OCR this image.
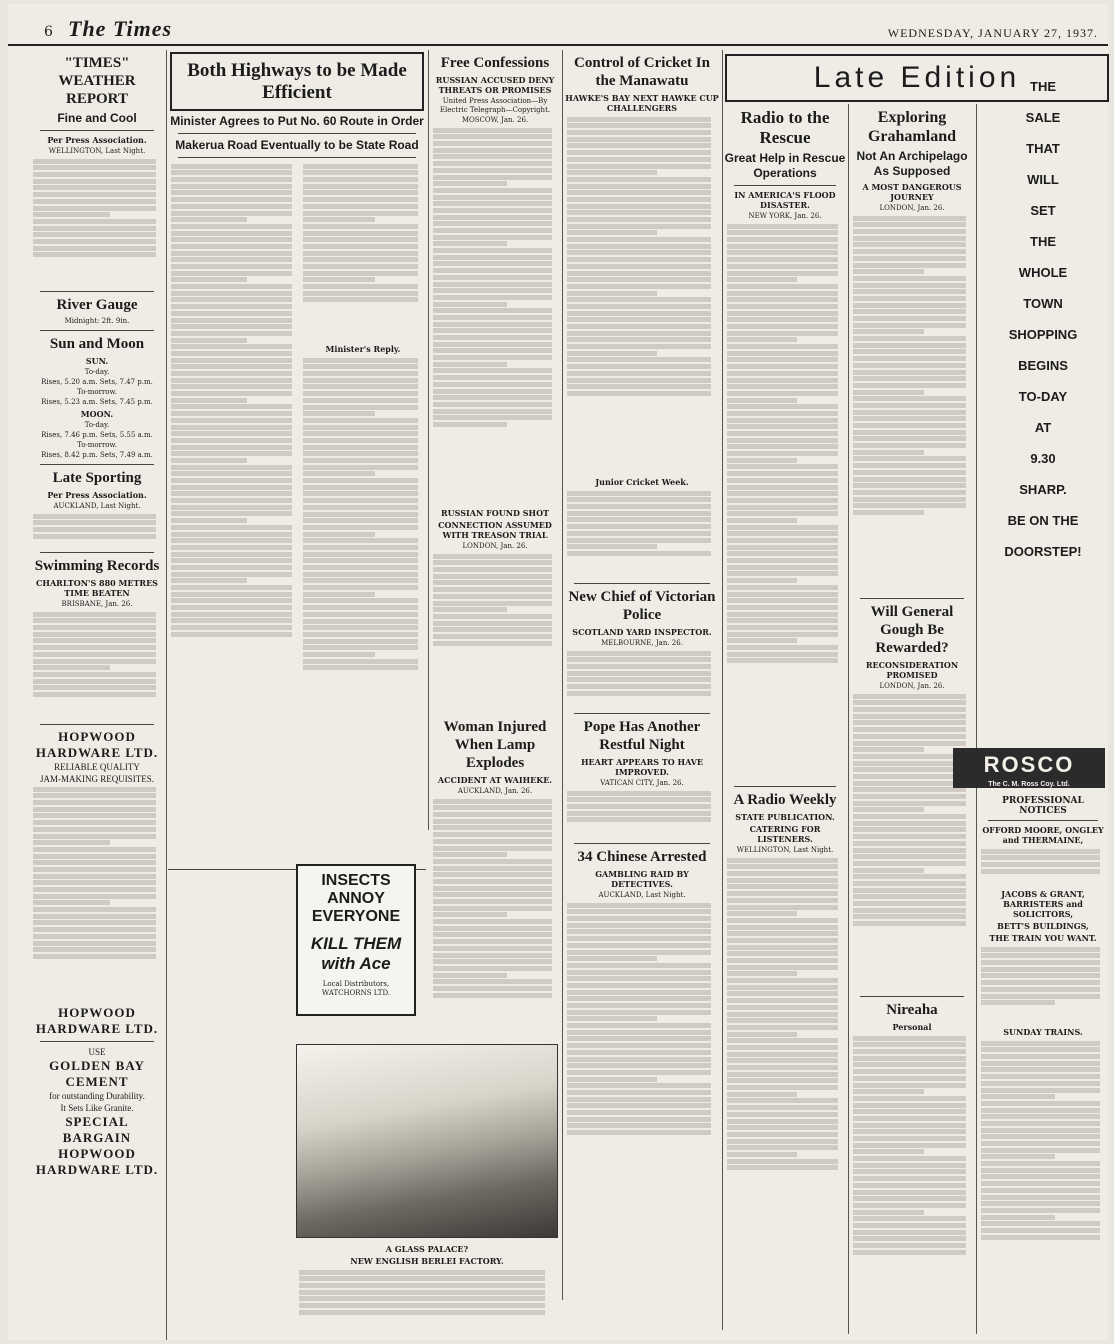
6 The Times	WEDNESDAY, JANUARY 27, 1937.
"TIMES" WEATHER REPORT
Fine and Cool
Per Press Association.
WELLINGTON, Last Night.
River Gauge
Midnight: 2ft. 9in.
Sun and Moon
SUN.
To-day.
Rises, 5.20 a.m. Sets, 7.47 p.m.
To-morrow.
Rises, 5.23 a.m. Sets, 7.45 p.m.
MOON.
To-day.
Rises, 7.46 p.m. Sets, 5.55 a.m.
To-morrow.
Rises, 8.42 p.m. Sets, 7.49 a.m.
Late Sporting
Per Press Association.
AUCKLAND, Last Night.
Swimming Records
CHARLTON'S 880 METRES TIME BEATEN
BRISBANE, Jan. 26.
HOPWOOD HARDWARE LTD.
RELIABLE QUALITY
JAM-MAKING REQUISITES.
HOPWOOD HARDWARE LTD.
USE
GOLDEN BAY CEMENT
for outstanding Durability.
It Sets Like Granite.
SPECIAL BARGAIN
HOPWOOD HARDWARE LTD.
Both Highways to be Made Efficient
Minister Agrees to Put No. 60 Route in Order
Makerua Road Eventually to be State Road
Minister's Reply.
Free Confessions
RUSSIAN ACCUSED DENY THREATS OR PROMISES
United Press Association—By Electric Telegraph—Copyright.
MOSCOW, Jan. 26.
RUSSIAN FOUND SHOT
CONNECTION ASSUMED WITH TREASON TRIAL
LONDON, Jan. 26.
Woman Injured When Lamp Explodes
ACCIDENT AT WAIHEKE.
AUCKLAND, Jan. 26.
Control of Cricket In the Manawatu
HAWKE'S BAY NEXT HAWKE CUP CHALLENGERS
Junior Cricket Week.
New Chief of Victorian Police
SCOTLAND YARD INSPECTOR.
MELBOURNE, Jan. 26.
Pope Has Another Restful Night
HEART APPEARS TO HAVE IMPROVED.
VATICAN CITY, Jan. 26.
34 Chinese Arrested
GAMBLING RAID BY DETECTIVES.
AUCKLAND, Last Night.
Late Edition
Radio to the Rescue
Great Help in Rescue Operations
IN AMERICA'S FLOOD DISASTER.
NEW YORK, Jan. 26.
A Radio Weekly
STATE PUBLICATION.
CATERING FOR LISTENERS.
WELLINGTON, Last Night.
Exploring Grahamland
Not An Archipelago As Supposed
A MOST DANGEROUS JOURNEY
LONDON, Jan. 26.
Will General Gough Be Rewarded?
RECONSIDERATION PROMISED
LONDON, Jan. 26.
Nireaha
Personal
THE
SALE
THAT
WILL
SET
THE
WHOLE
TOWN
SHOPPING
BEGINS
TO-DAY
AT
9.30
SHARP.
BE ON THE
DOORSTEP!
ROSCO
The C. M. Ross Coy. Ltd.
PROFESSIONAL NOTICES
OFFORD MOORE, ONGLEY and THERMAINE,
JACOBS & GRANT, BARRISTERS and SOLICITORS,
BETT'S BUILDINGS,
THE TRAIN YOU WANT.
SUNDAY TRAINS.
INSECTS ANNOY EVERYONE
KILL THEM with Ace
Local Distributors, WATCHORNS LTD.
A GLASS PALACE?
NEW ENGLISH BERLEI FACTORY.
